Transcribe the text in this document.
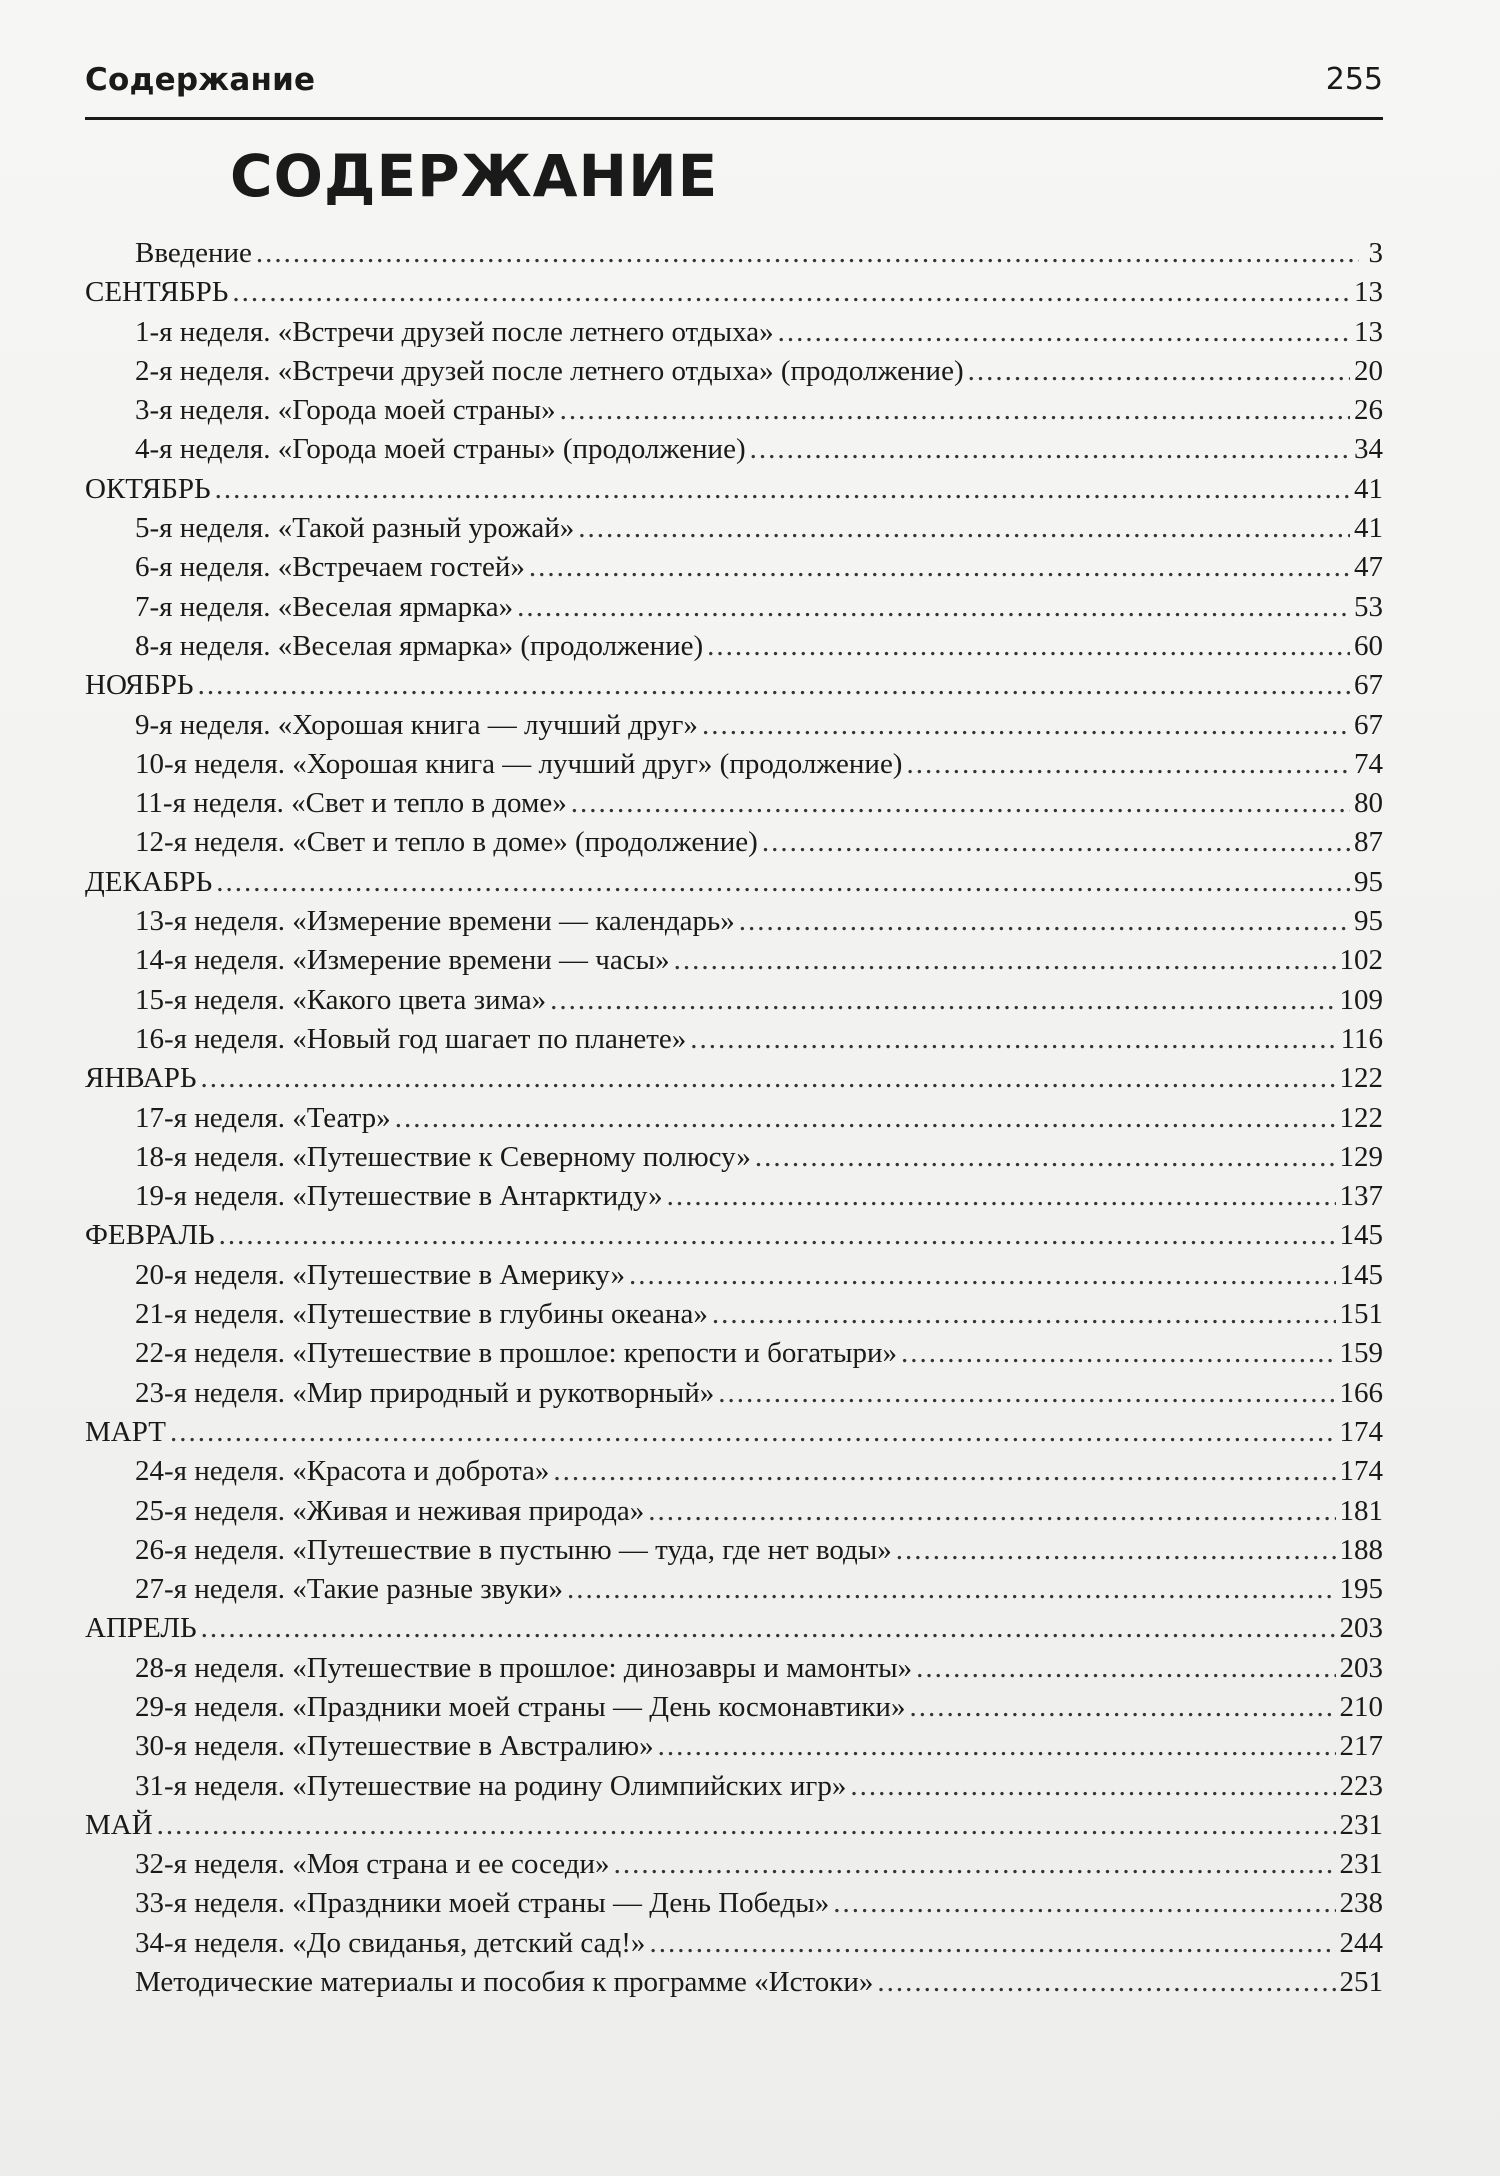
Содержание	255
СОДЕРЖАНИЕ
Введение .....	3
СЕНТЯБРЬ .....	13
1-я неделя. «Встречи друзей после летнего отдыха» .....	13
2-я неделя. «Встречи друзей после летнего отдыха» (продолжение) .....	20
3-я неделя. «Города моей страны» .....	26
4-я неделя. «Города моей страны» (продолжение) .....	34
ОКТЯБРЬ .....	41
5-я неделя. «Такой разный урожай» .....	41
6-я неделя. «Встречаем гостей» .....	47
7-я неделя. «Веселая ярмарка» .....	53
8-я неделя. «Веселая ярмарка» (продолжение) .....	60
НОЯБРЬ .....	67
9-я неделя. «Хорошая книга — лучший друг» .....	67
10-я неделя. «Хорошая книга — лучший друг» (продолжение) .....	74
11-я неделя. «Свет и тепло в доме» .....	80
12-я неделя. «Свет и тепло в доме» (продолжение) .....	87
ДЕКАБРЬ .....	95
13-я неделя. «Измерение времени — календарь» .....	95
14-я неделя. «Измерение времени — часы» .....	102
15-я неделя. «Какого цвета зима» .....	109
16-я неделя. «Новый год шагает по планете» .....	116
ЯНВАРЬ .....	122
17-я неделя. «Театр» .....	122
18-я неделя. «Путешествие к Северному полюсу» .....	129
19-я неделя. «Путешествие в Антарктиду» .....	137
ФЕВРАЛЬ .....	145
20-я неделя. «Путешествие в Америку» .....	145
21-я неделя. «Путешествие в глубины океана» .....	151
22-я неделя. «Путешествие в прошлое: крепости и богатыри» .....	159
23-я неделя. «Мир природный и рукотворный» .....	166
МАРТ .....	174
24-я неделя. «Красота и доброта» .....	174
25-я неделя. «Живая и неживая природа» .....	181
26-я неделя. «Путешествие в пустыню — туда, где нет воды» .....	188
27-я неделя. «Такие разные звуки» .....	195
АПРЕЛЬ .....	203
28-я неделя. «Путешествие в прошлое: динозавры и мамонты» .....	203
29-я неделя. «Праздники моей страны — День космонавтики» .....	210
30-я неделя. «Путешествие в Австралию» .....	217
31-я неделя. «Путешествие на родину Олимпийских игр» .....	223
МАЙ .....	231
32-я неделя. «Моя страна и ее соседи» .....	231
33-я неделя. «Праздники моей страны — День Победы» .....	238
34-я неделя. «До свиданья, детский сад!» .....	244
Методические материалы и пособия к программе «Истоки» .....	251
